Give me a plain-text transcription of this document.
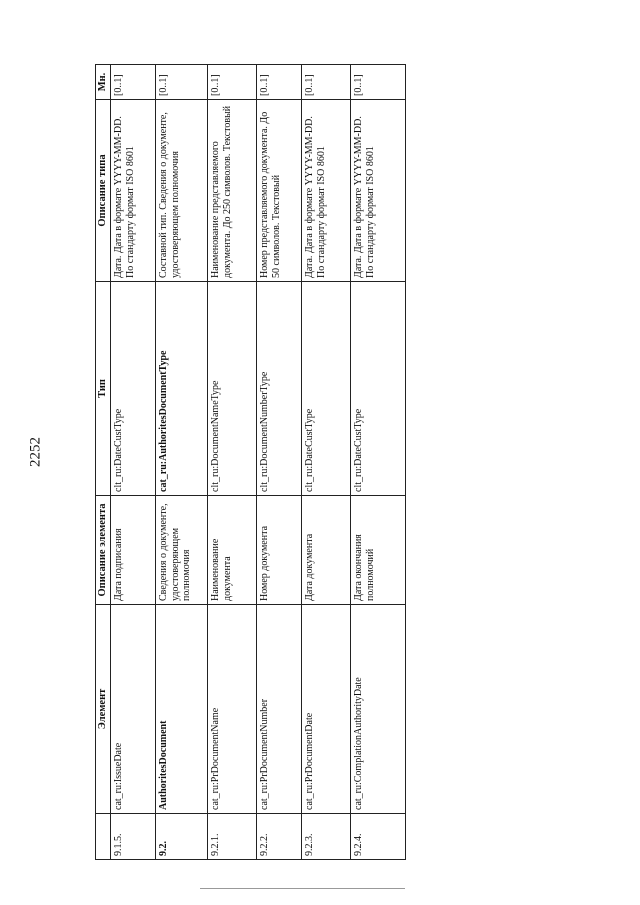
2252
	Элемент	Описание элемента	Тип	Описание типа	Мн.
9.1.5.	cat_ru:IssueDate	Дата подписания	clt_ru:DateCustType	Дата. Дата в формате YYYY-MM-DD. По стандарту формат ISO 8601	[0..1]
9.2.	AuthoritesDocument	Сведения о документе, удостоверяющем полномочия	cat_ru:AuthoritesDocumentType	Составной тип. Сведения о документе, удостоверяющем полномочия	[0..1]
9.2.1.	cat_ru:PrDocumentName	Наименование документа	clt_ru:DocumentNameType	Наименование представляемого документа. До 250 символов. Текстовый	[0..1]
9.2.2.	cat_ru:PrDocumentNumber	Номер документа	clt_ru:DocumentNumberType	Номер представляемого документа. До 50 символов. Текстовый	[0..1]
9.2.3.	cat_ru:PrDocumentDate	Дата документа	clt_ru:DateCustType	Дата. Дата в формате YYYY-MM-DD. По стандарту формат ISO 8601	[0..1]
9.2.4.	cat_ru:ComplationAuthorityDate	Дата окончания полномочий	clt_ru:DateCustType	Дата. Дата в формате YYYY-MM-DD. По стандарту формат ISO 8601	[0..1]
